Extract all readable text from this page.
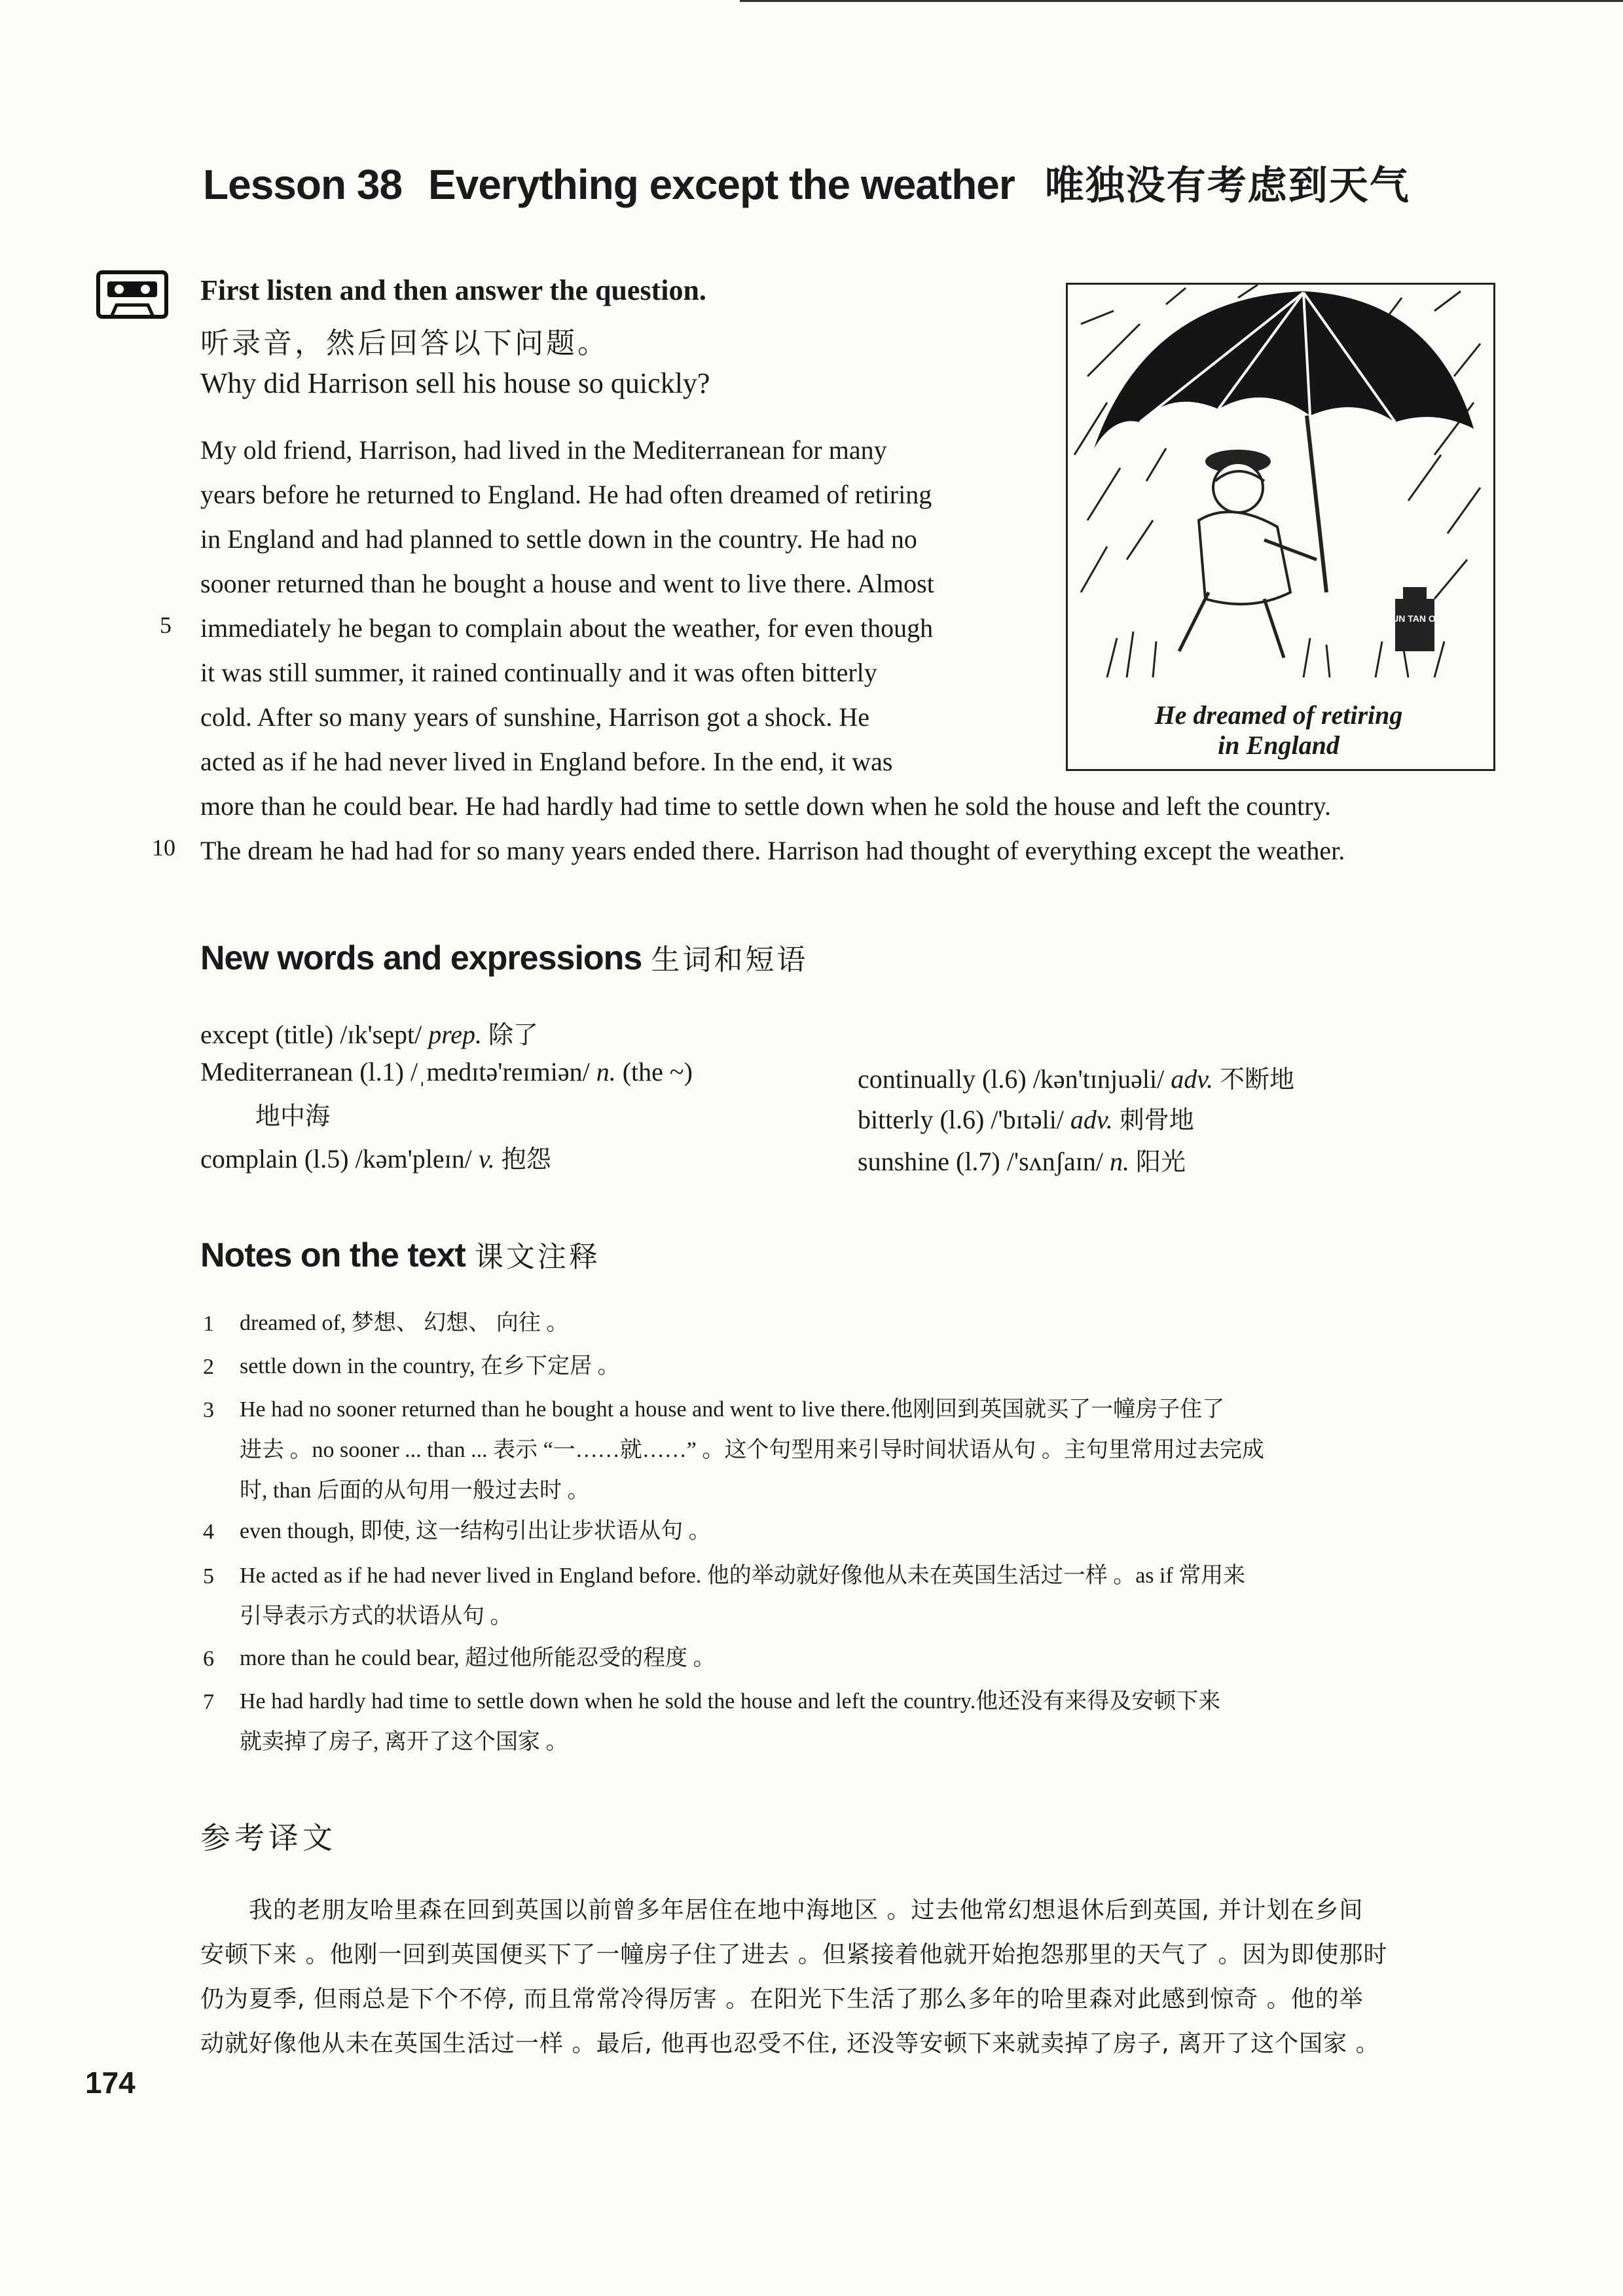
Lesson 38 Everything except the weather 唯独没有考虑到天气
First listen and then answer the question.
听录音，然后回答以下问题。
Why did Harrison sell his house so quickly?
My old friend, Harrison, had lived in the Mediterranean for many
years before he returned to England. He had often dreamed of retiring
in England and had planned to settle down in the country. He had no
sooner returned than he bought a house and went to live there. Almost
immediately he began to complain about the weather, for even though
it was still summer, it rained continually and it was often bitterly
cold. After so many years of sunshine, Harrison got a shock. He
acted as if he had never lived in England before. In the end, it was
more than he could bear. He had hardly had time to settle down when he sold the house and left the country.
The dream he had had for so many years ended there. Harrison had thought of everything except the weather.
5
10
SUN TAN OIL
He dreamed of retiring
in England
New words and expressions 生词和短语
except (title) /ɪk'sept/ prep. 除了
Mediterranean (l.1) /ˌmedɪtə'reɪmiən/ n. (the ~)
地中海
complain (l.5) /kəm'pleɪn/ v. 抱怨
continually (l.6) /kən'tɪnjuəli/ adv. 不断地
bitterly (l.6) /'bɪtəli/ adv. 刺骨地
sunshine (l.7) /'sʌnʃaɪn/ n. 阳光
Notes on the text 课文注释
1 dreamed of, 梦想、 幻想、 向往 。
2 settle down in the country, 在乡下定居 。
3 He had no sooner returned than he bought a house and went to live there.他刚回到英国就买了一幢房子住了
进去 。no sooner ... than ... 表示 “一……就……” 。这个句型用来引导时间状语从句 。主句里常用过去完成
时, than 后面的从句用一般过去时 。
4 even though, 即使, 这一结构引出让步状语从句 。
5 He acted as if he had never lived in England before. 他的举动就好像他从未在英国生活过一样 。as if 常用来
引导表示方式的状语从句 。
6 more than he could bear, 超过他所能忍受的程度 。
7 He had hardly had time to settle down when he sold the house and left the country.他还没有来得及安顿下来
就卖掉了房子, 离开了这个国家 。
参考译文
我的老朋友哈里森在回到英国以前曾多年居住在地中海地区 。过去他常幻想退休后到英国, 并计划在乡间
安顿下来 。他刚一回到英国便买下了一幢房子住了进去 。但紧接着他就开始抱怨那里的天气了 。因为即使那时
仍为夏季, 但雨总是下个不停, 而且常常冷得厉害 。在阳光下生活了那么多年的哈里森对此感到惊奇 。他的举
动就好像他从未在英国生活过一样 。最后, 他再也忍受不住, 还没等安顿下来就卖掉了房子, 离开了这个国家 。
174
